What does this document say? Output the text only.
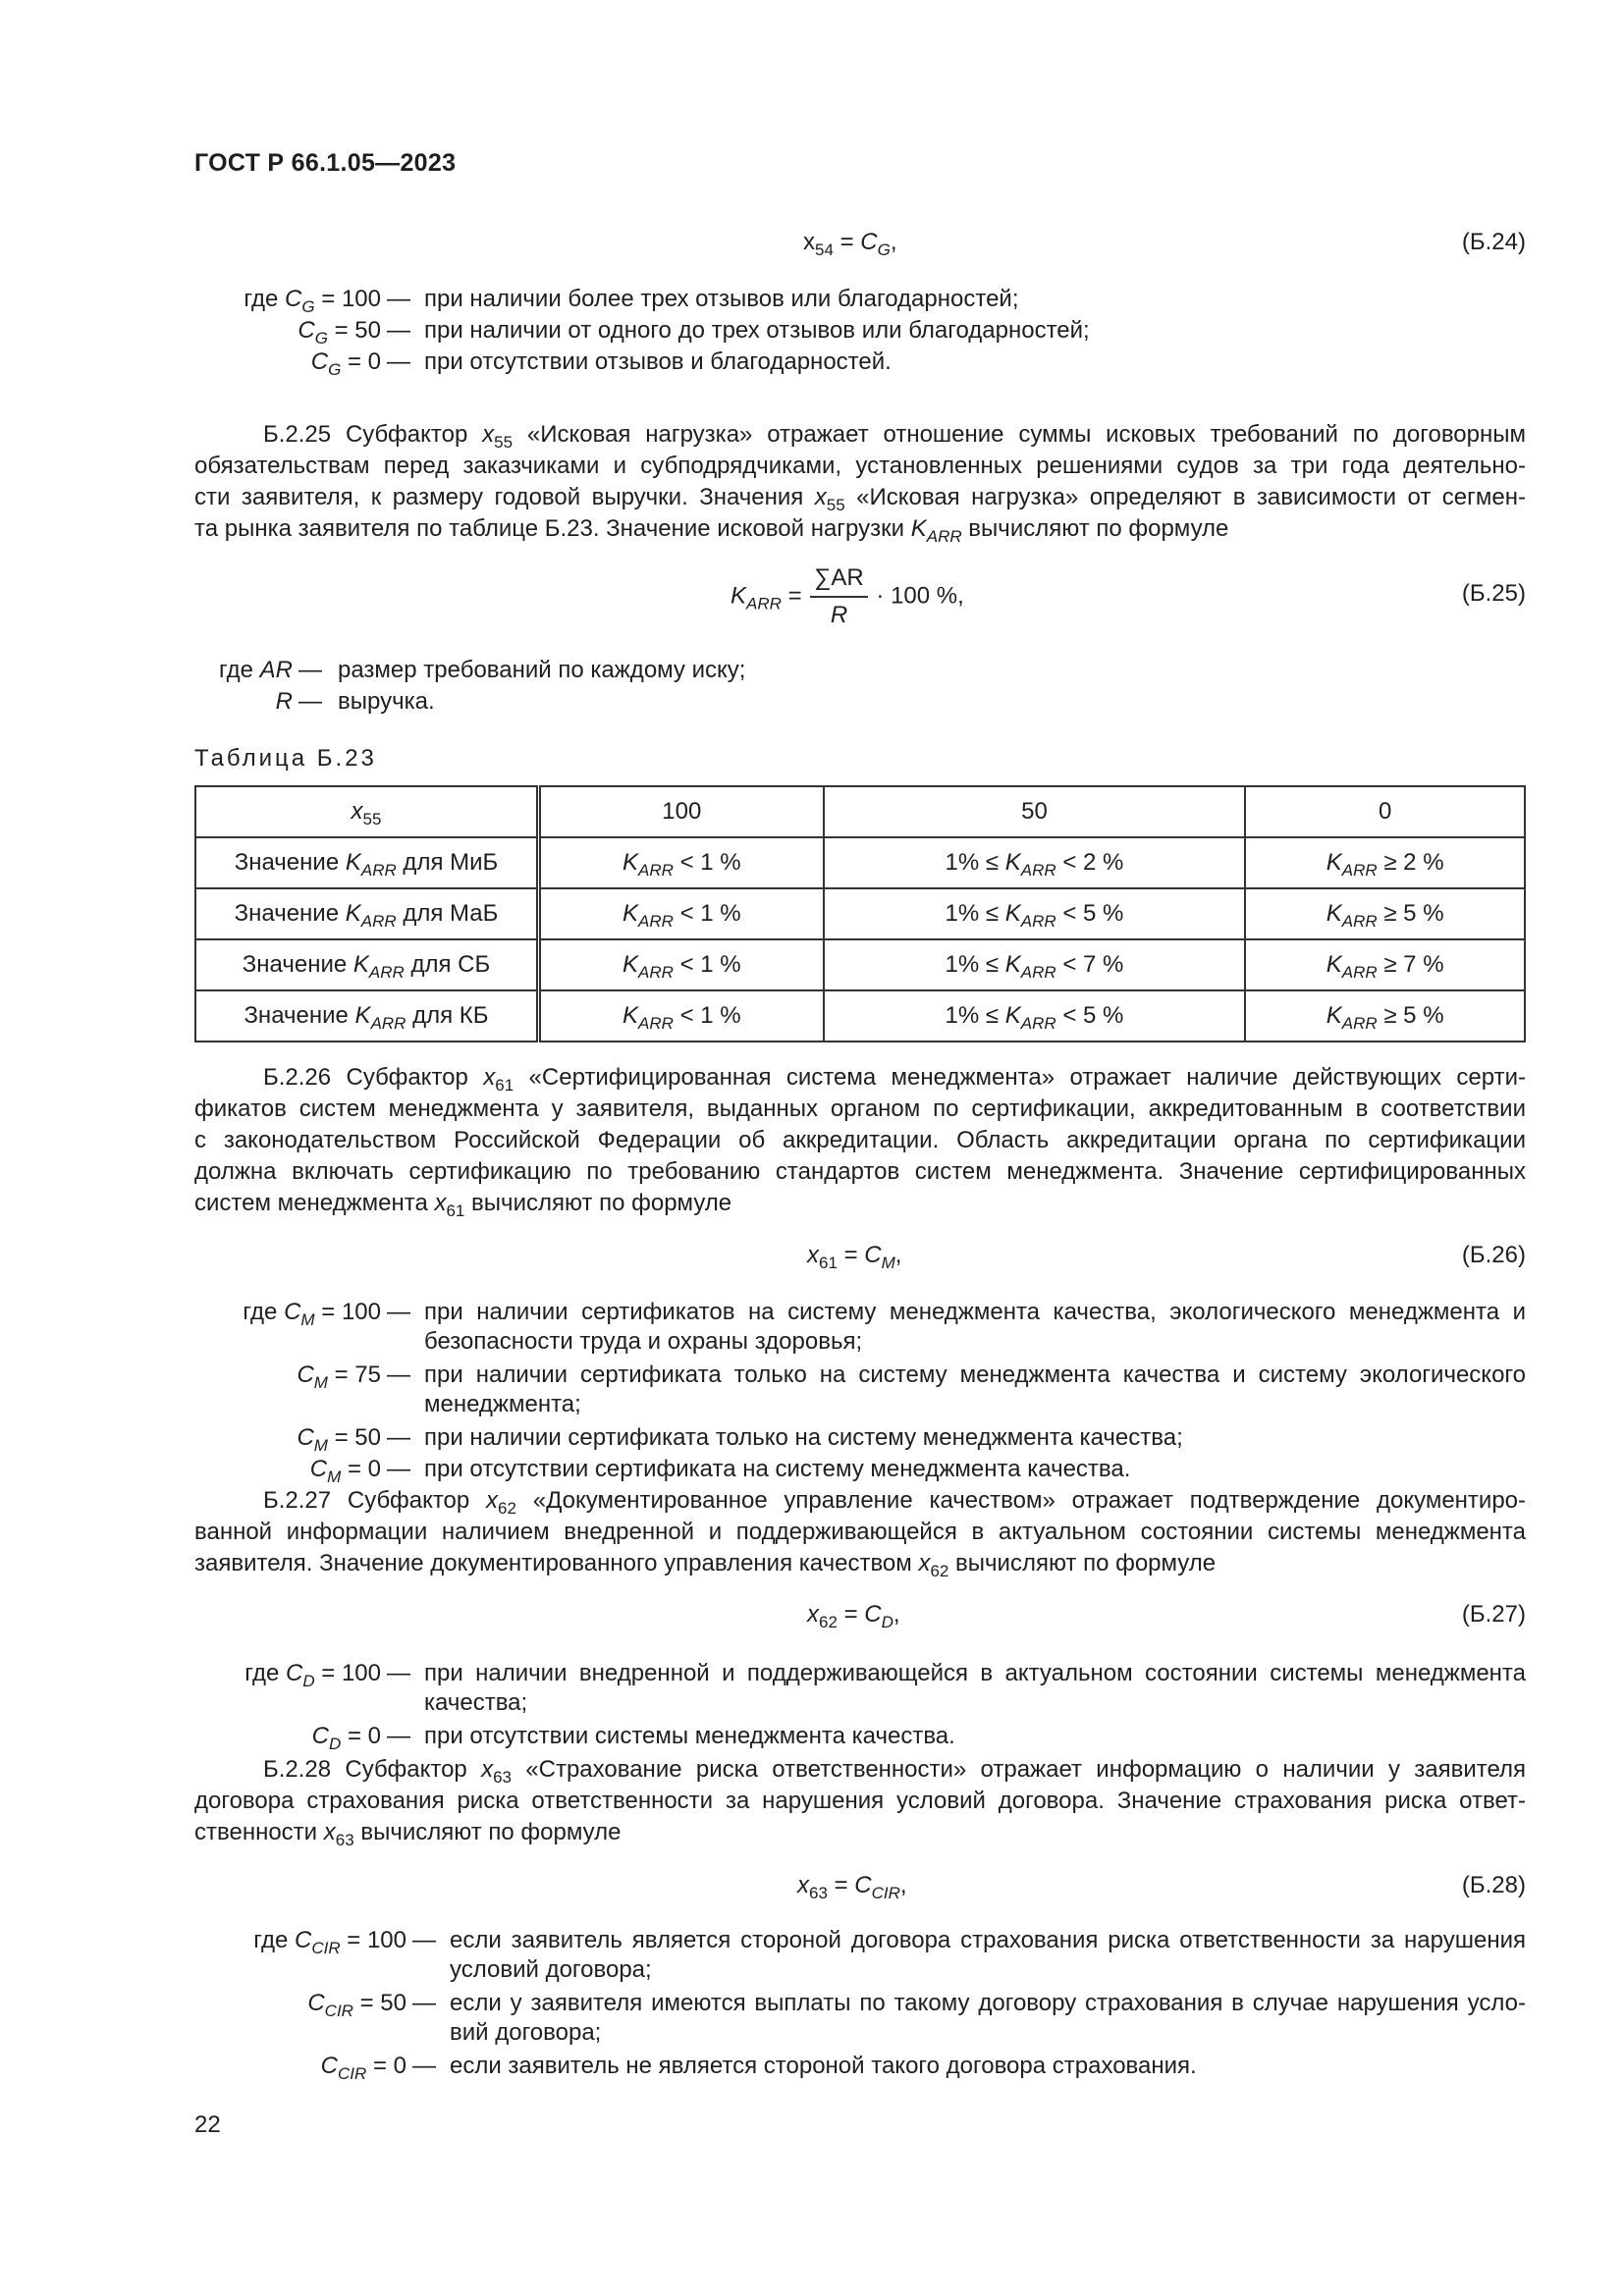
ГОСТ Р 66.1.05—2023
$x_{54} = C_G$,	(Б.24)
где $C_G = 100$ — при наличии более трех отзывов или благодарностей;
$C_G = 50$ — при наличии от одного до трех отзывов или благодарностей;
$C_G = 0$ — при отсутствии отзывов и благодарностей.
Б.2.25 Субфактор $x_{55}$ «Исковая нагрузка» отражает отношение суммы исковых требований по договорным
обязательствам перед заказчиками и субподрядчиками, установленных решениями судов за три года деятельно-
сти заявителя, к размеру годовой выручки. Значения $x_{55}$ «Исковая нагрузка» определяют в зависимости от сегмен-
та рынка заявителя по таблице Б.23. Значение исковой нагрузки $K_{ARR}$ вычисляют по формуле
$K_{ARR} = \frac{\sum AR}{R} \cdot 100$ %,	(Б.25)
где AR — размер требований по каждому иску;
R — выручка.
Таблица Б.23
$x_{55}$	100	50	0
Значение $K_{ARR}$ для МиБ	$K_{ARR} < 1$ %	$1\% \le K_{ARR} < 2$ %	$K_{ARR} \ge 2$ %
Значение $K_{ARR}$ для МаБ	$K_{ARR} < 1$ %	$1\% \le K_{ARR} < 5$ %	$K_{ARR} \ge 5$ %
Значение $K_{ARR}$ для СБ	$K_{ARR} < 1$ %	$1\% \le K_{ARR} < 7$ %	$K_{ARR} \ge 7$ %
Значение $K_{ARR}$ для КБ	$K_{ARR} < 1$ %	$1\% \le K_{ARR} < 5$ %	$K_{ARR} \ge 5$ %
Б.2.26 Субфактор $x_{61}$ «Сертифицированная система менеджмента» отражает наличие действующих серти-
фикатов систем менеджмента у заявителя, выданных органом по сертификации, аккредитованным в соответствии
с законодательством Российской Федерации об аккредитации. Область аккредитации органа по сертификации
должна включать сертификацию по требованию стандартов систем менеджмента. Значение сертифицированных
систем менеджмента $x_{61}$ вычисляют по формуле
$x_{61} = C_M$,	(Б.26)
где $C_M = 100$ — при наличии сертификатов на систему менеджмента качества, экологического менеджмента и
безопасности труда и охраны здоровья;
$C_M = 75$ — при наличии сертификата только на систему менеджмента качества и систему экологического
менеджмента;
$C_M = 50$ — при наличии сертификата только на систему менеджмента качества;
$C_M = 0$ — при отсутствии сертификата на систему менеджмента качества.
Б.2.27 Субфактор $x_{62}$ «Документированное управление качеством» отражает подтверждение документиро-
ванной информации наличием внедренной и поддерживающейся в актуальном состоянии системы менеджмента
заявителя. Значение документированного управления качеством $x_{62}$ вычисляют по формуле
$x_{62} = C_D$,	(Б.27)
где $C_D = 100$ — при наличии внедренной и поддерживающейся в актуальном состоянии системы менеджмента
качества;
$C_D = 0$ — при отсутствии системы менеджмента качества.
Б.2.28 Субфактор $x_{63}$ «Страхование риска ответственности» отражает информацию о наличии у заявителя
договора страхования риска ответственности за нарушения условий договора. Значение страхования риска ответ-
ственности $x_{63}$ вычисляют по формуле
$x_{63} = C_{CIR}$,	(Б.28)
где $C_{CIR} = 100$ — если заявитель является стороной договора страхования риска ответственности за нарушения
условий договора;
$C_{CIR} = 50$ — если у заявителя имеются выплаты по такому договору страхования в случае нарушения усло-
вий договора;
$C_{CIR} = 0$ — если заявитель не является стороной такого договора страхования.
22
